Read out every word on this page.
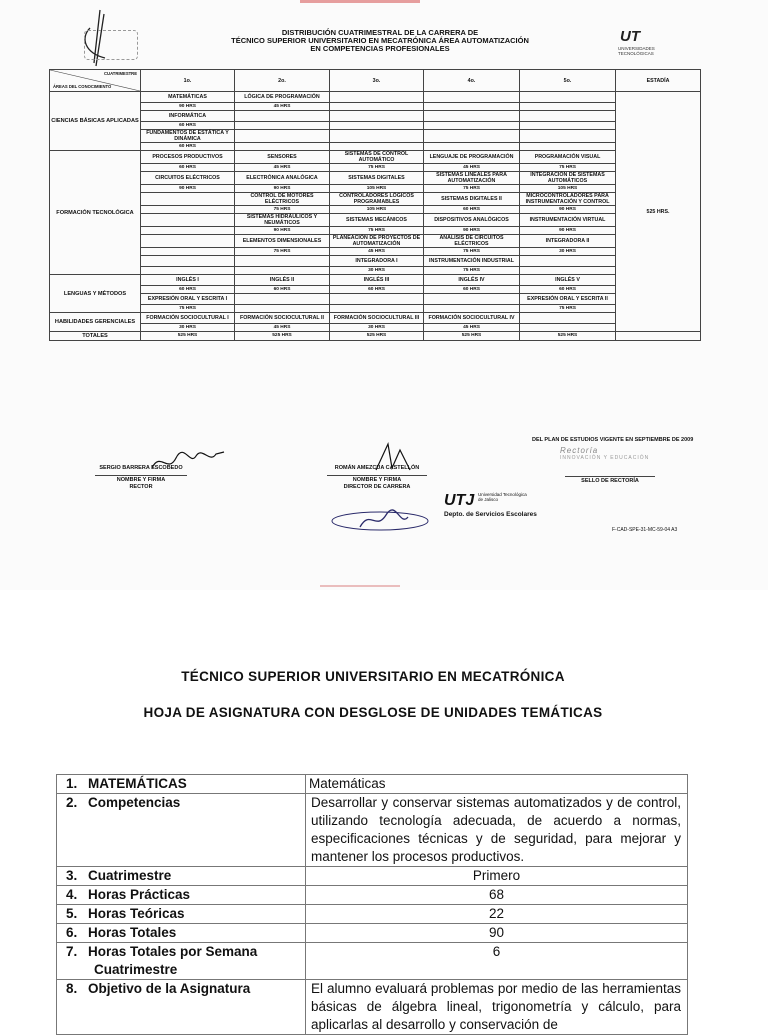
DISTRIBUCIÓN CUATRIMESTRAL DE LA CARRERA DE
TÉCNICO SUPERIOR UNIVERSITARIO EN MECATRÓNICA ÁREA AUTOMATIZACIÓN
EN COMPETENCIAS PROFESIONALES
UT
UNIVERSIDADES
TECNOLÓGICAS
CUATRIMESTRE
ÁREAS DEL CONOCIMIENTO	1o.	2o.	3o.	4o.	5o.	ESTADÍA
CIENCIAS BÁSICAS APLICADAS	MATEMÁTICAS	LÓGICA DE PROGRAMACIÓN				525 HRS.
	90 HRS	45 HRS				
	INFORMÁTICA					
	60 HRS					
	FUNDAMENTOS DE ESTÁTICA Y DINÁMICA					
	60 HRS					
FORMACIÓN TECNOLÓGICA	PROCESOS PRODUCTIVOS	SENSORES	SISTEMAS DE CONTROL AUTOMÁTICO	LENGUAJE DE PROGRAMACIÓN	PROGRAMACIÓN VISUAL	
	60 HRS	45 HRS	75 HRS	45 HRS	75 HRS	
	CIRCUITOS ELÉCTRICOS	ELECTRÓNICA ANALÓGICA	SISTEMAS DIGITALES	SISTEMAS LINEALES PARA AUTOMATIZACIÓN	INTEGRACIÓN DE SISTEMAS AUTOMÁTICOS	
	90 HRS	90 HRS	105 HRS	75 HRS	105 HRS	
		CONTROL DE MOTORES ELÉCTRICOS	CONTROLADORES LÓGICOS PROGRAMABLES	SISTEMAS DIGITALES II	MICROCONTROLADORES PARA INSTRUMENTACIÓN Y CONTROL	
		75 HRS	105 HRS	60 HRS	90 HRS	
		SISTEMAS HIDRÁULICOS Y NEUMÁTICOS	SISTEMAS MECÁNICOS	DISPOSITIVOS ANALÓGICOS	INSTRUMENTACIÓN VIRTUAL	
		90 HRS	75 HRS	90 HRS	90 HRS	
		ELEMENTOS DIMENSIONALES	PLANEACIÓN DE PROYECTOS DE AUTOMATIZACIÓN	ANÁLISIS DE CIRCUITOS ELÉCTRICOS	INTEGRADORA II	
		75 HRS	45 HRS	75 HRS	30 HRS	
			INTEGRADORA I	INSTRUMENTACIÓN INDUSTRIAL		
			30 HRS	75 HRS		
LENGUAS Y MÉTODOS	INGLÉS I	INGLÉS II	INGLÉS III	INGLÉS IV	INGLÉS V	
	60 HRS	60 HRS	60 HRS	60 HRS	60 HRS	
	EXPRESIÓN ORAL Y ESCRITA I				EXPRESIÓN ORAL Y ESCRITA II	
	75 HRS				75 HRS	
HABILIDADES GERENCIALES	FORMACIÓN SOCIOCULTURAL I	FORMACIÓN SOCIOCULTURAL II	FORMACIÓN SOCIOCULTURAL III	FORMACIÓN SOCIOCULTURAL IV		
	30 HRS	45 HRS	30 HRS	45 HRS		
TOTALES	525 HRS	525 HRS	525 HRS	525 HRS	525 HRS	
DEL PLAN DE ESTUDIOS VIGENTE EN SEPTIEMBRE DE 2009
SERGIO BARRERA ESCOBEDO
NOMBRE Y FIRMA
RECTOR
ROMÁN AMEZCUA CASTELLÓN
NOMBRE Y FIRMA
DIRECTOR DE CARRERA
Rectoría
INNOVACIÓN Y EDUCACIÓN
SELLO DE RECTORÍA
UTJ Universidad Tecnológica
de Jalisco
Depto. de Servicios Escolares
F-CAD-SPE-31-MC-59-04 A3
TÉCNICO SUPERIOR UNIVERSITARIO EN MECATRÓNICA
HOJA DE ASIGNATURA CON DESGLOSE DE UNIDADES TEMÁTICAS
1. MATEMÁTICAS	Matemáticas
2. Competencias	Desarrollar y conservar sistemas automatizados y de control, utilizando tecnología adecuada, de acuerdo a normas, especificaciones técnicas y de seguridad, para mejorar y mantener los procesos productivos.
3. Cuatrimestre	Primero
4. Horas Prácticas	68
5. Horas Teóricas	22
6. Horas Totales	90
7. Horas Totales por Semana
Cuatrimestre	6
8. Objetivo de la Asignatura	El alumno evaluará problemas por medio de las herramientas básicas de álgebra lineal, trigonometría y cálculo, para aplicarlas al desarrollo y conservación de
